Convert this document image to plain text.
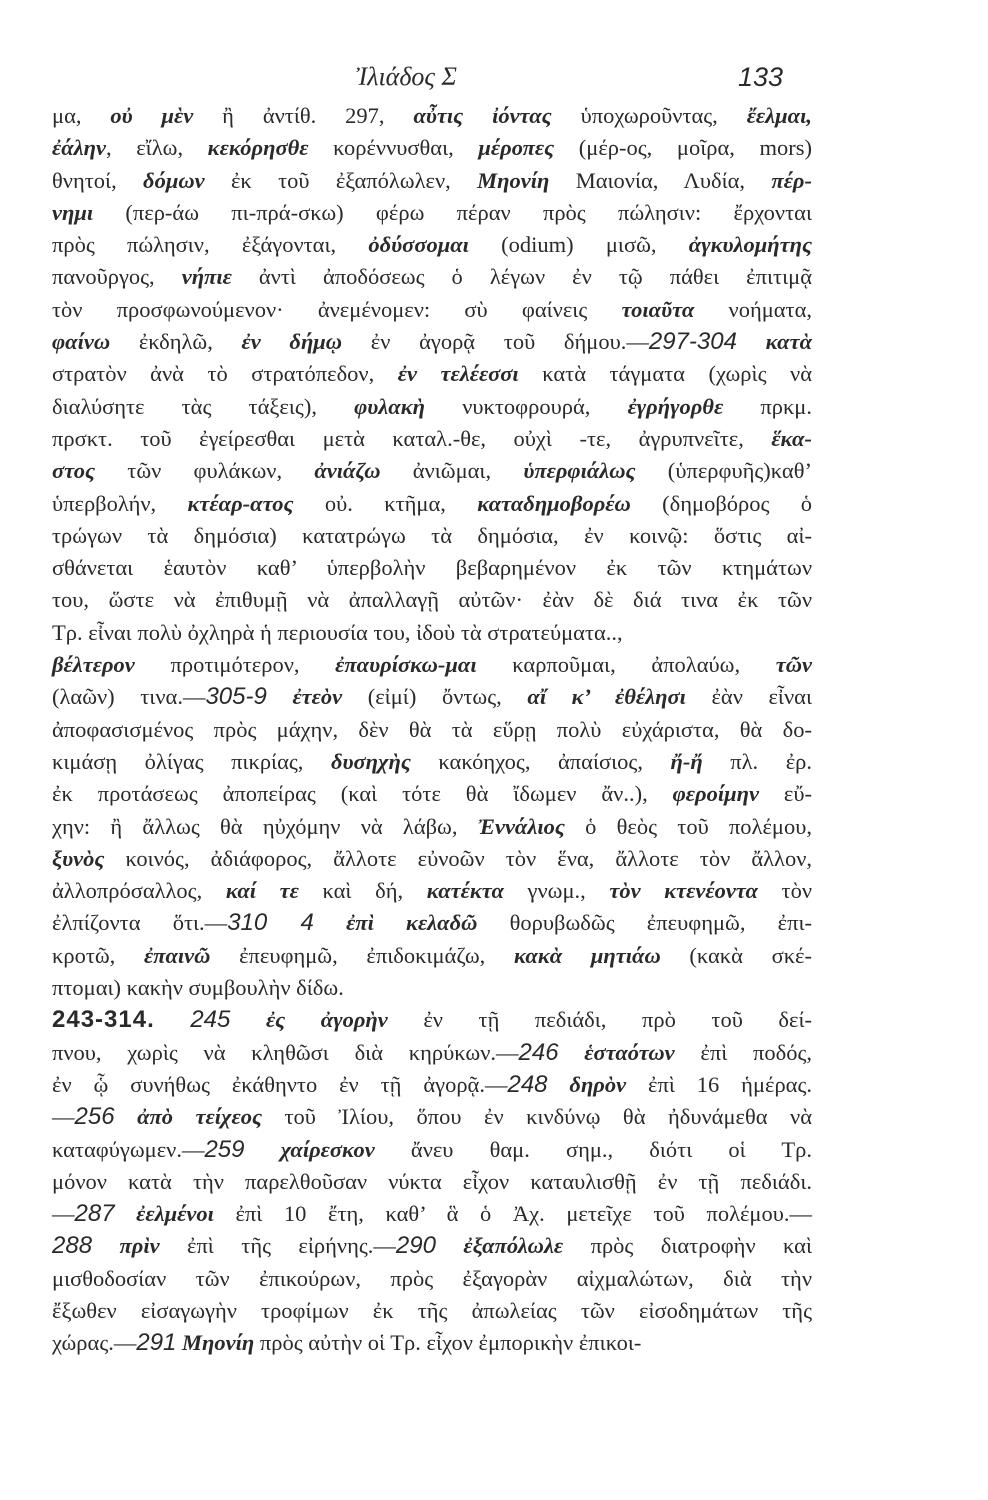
Ἰλιάδος Σ	133
μα, οὐ μὲν ἢ ἀντίθ. 297, αὖτις ἰόντας ὑποχωροῦντας, ἔελμαι,
ἐάλην, εἴλω, κεκόρησθε κορέννυσθαι, μέροπες (μέρ-ος, μοῖρα, mors)
θνητοί, δόμων ἐκ τοῦ ἐξαπόλωλεν, Μηονίη Μαιονία, Λυδία, πέρ-
νημι (περ-άω πι-πρά-σκω) φέρω πέραν πρὸς πώλησιν: ἔρχονται
πρὸς πώλησιν, ἐξάγονται, ὀδύσσομαι (odium) μισῶ, ἀγκυλομήτης
πανοῦργος, νήπιε ἀντὶ ἀποδόσεως ὁ λέγων ἐν τῷ πάθει ἐπιτιμᾷ
τὸν προσφωνούμενον· ἀνεμένομεν: σὺ φαίνεις τοιαῦτα νοήματα,
φαίνω ἐκδηλῶ, ἐν δήμῳ ἐν ἀγορᾷ τοῦ δήμου.—297-304 κατὰ
στρατὸν ἀνὰ τὸ στρατόπεδον, ἐν τελέεσσι κατὰ τάγματα (χωρὶς νὰ
διαλύσητε τὰς τάξεις), φυλακὴ νυκτοφρουρά, ἐγρήγορθε πρκμ.
πρσκτ. τοῦ ἐγείρεσθαι μετὰ καταλ.-θε, οὐχὶ -τε, ἀγρυπνεῖτε, ἕκα-
στος τῶν φυλάκων, ἀνιάζω ἀνιῶμαι, ὑπερφιάλως (ὑπερφυῆς)καθ’
ὑπερβολήν, κτέαρ-ατος οὐ. κτῆμα, καταδημοβορέω (δημοβόρος ὁ
τρώγων τὰ δημόσια) κατατρώγω τὰ δημόσια, ἐν κοινῷ: ὅστις αἰ-
σθάνεται ἑαυτὸν καθ’ ὑπερβολὴν βεβαρημένον ἐκ τῶν κτημάτων
του, ὥστε νὰ ἐπιθυμῇ νὰ ἀπαλλαγῇ αὐτῶν· ἐὰν δὲ διά τινα ἐκ τῶν
Τρ. εἶναι πολὺ ὀχληρὰ ἡ περιουσία του, ἰδοὺ τὰ στρατεύματα..,
βέλτερον προτιμότερον, ἐπαυρίσκω-μαι καρποῦμαι, ἀπολαύω, τῶν
(λαῶν) τινα.—305-9 ἐτεὸν (εἰμί) ὄντως, αἴ κ’ ἐθέλησι ἐὰν εἶναι
ἀποφασισμένος πρὸς μάχην, δὲν θὰ τὰ εὕρῃ πολὺ εὐχάριστα, θὰ δο-
κιμάσῃ ὀλίγας πικρίας, δυσηχὴς κακόηχος, ἀπαίσιος, ἤ-ἤ πλ. ἐρ.
ἐκ προτάσεως ἀποπείρας (καὶ τότε θὰ ἴδωμεν ἄν..), φεροίμην εὔ-
χην: ἢ ἄλλως θὰ ηὐχόμην νὰ λάβω, Ἐννάλιος ὁ θεὸς τοῦ πολέμου,
ξυνὸς κοινός, ἀδιάφορος, ἄλλοτε εὐνοῶν τὸν ἕνα, ἄλλοτε τὸν ἄλλον,
ἀλλοπρόσαλλος, καί τε καὶ δή, κατέκτα γνωμ., τὸν κτενέοντα τὸν
ἐλπίζοντα ὅτι.—310 4 ἐπὶ κελαδῶ θορυβωδῶς ἐπευφημῶ, ἐπι-
κροτῶ, ἐπαινῶ ἐπευφημῶ, ἐπιδοκιμάζω, κακὰ μητιάω (κακὰ σκέ-
πτομαι) κακὴν συμβουλὴν δίδω.
243-314. 245 ἐς ἀγορὴν ἐν τῇ πεδιάδι, πρὸ τοῦ δεί-
πνου, χωρὶς νὰ κληθῶσι διὰ κηρύκων.—246 ἑσταότων ἐπὶ ποδός,
ἐν ᾧ συνήθως ἐκάθηντο ἐν τῇ ἀγορᾷ.—248 δηρὸν ἐπὶ 16 ἡμέρας.
—256 ἀπὸ τείχεος τοῦ Ἰλίου, ὅπου ἐν κινδύνῳ θὰ ἠδυνάμεθα νὰ
καταφύγωμεν.—259 χαίρεσκον ἄνευ θαμ. σημ., διότι οἱ Τρ.
μόνον κατὰ τὴν παρελθοῦσαν νύκτα εἶχον καταυλισθῇ ἐν τῇ πεδιάδι.
—287 ἐελμένοι ἐπὶ 10 ἔτη, καθ’ ἃ ὁ Ἀχ. μετεῖχε τοῦ πολέμου.—
288 πρὶν ἐπὶ τῆς εἰρήνης.—290 ἐξαπόλωλε πρὸς διατροφὴν καὶ
μισθοδοσίαν τῶν ἐπικούρων, πρὸς ἐξαγορὰν αἰχμαλώτων, διὰ τὴν
ἔξωθεν εἰσαγωγὴν τροφίμων ἐκ τῆς ἀπωλείας τῶν εἰσοδημάτων τῆς
χώρας.—291 Μηονίη πρὸς αὐτὴν οἱ Τρ. εἶχον ἐμπορικὴν ἐπικοι-
